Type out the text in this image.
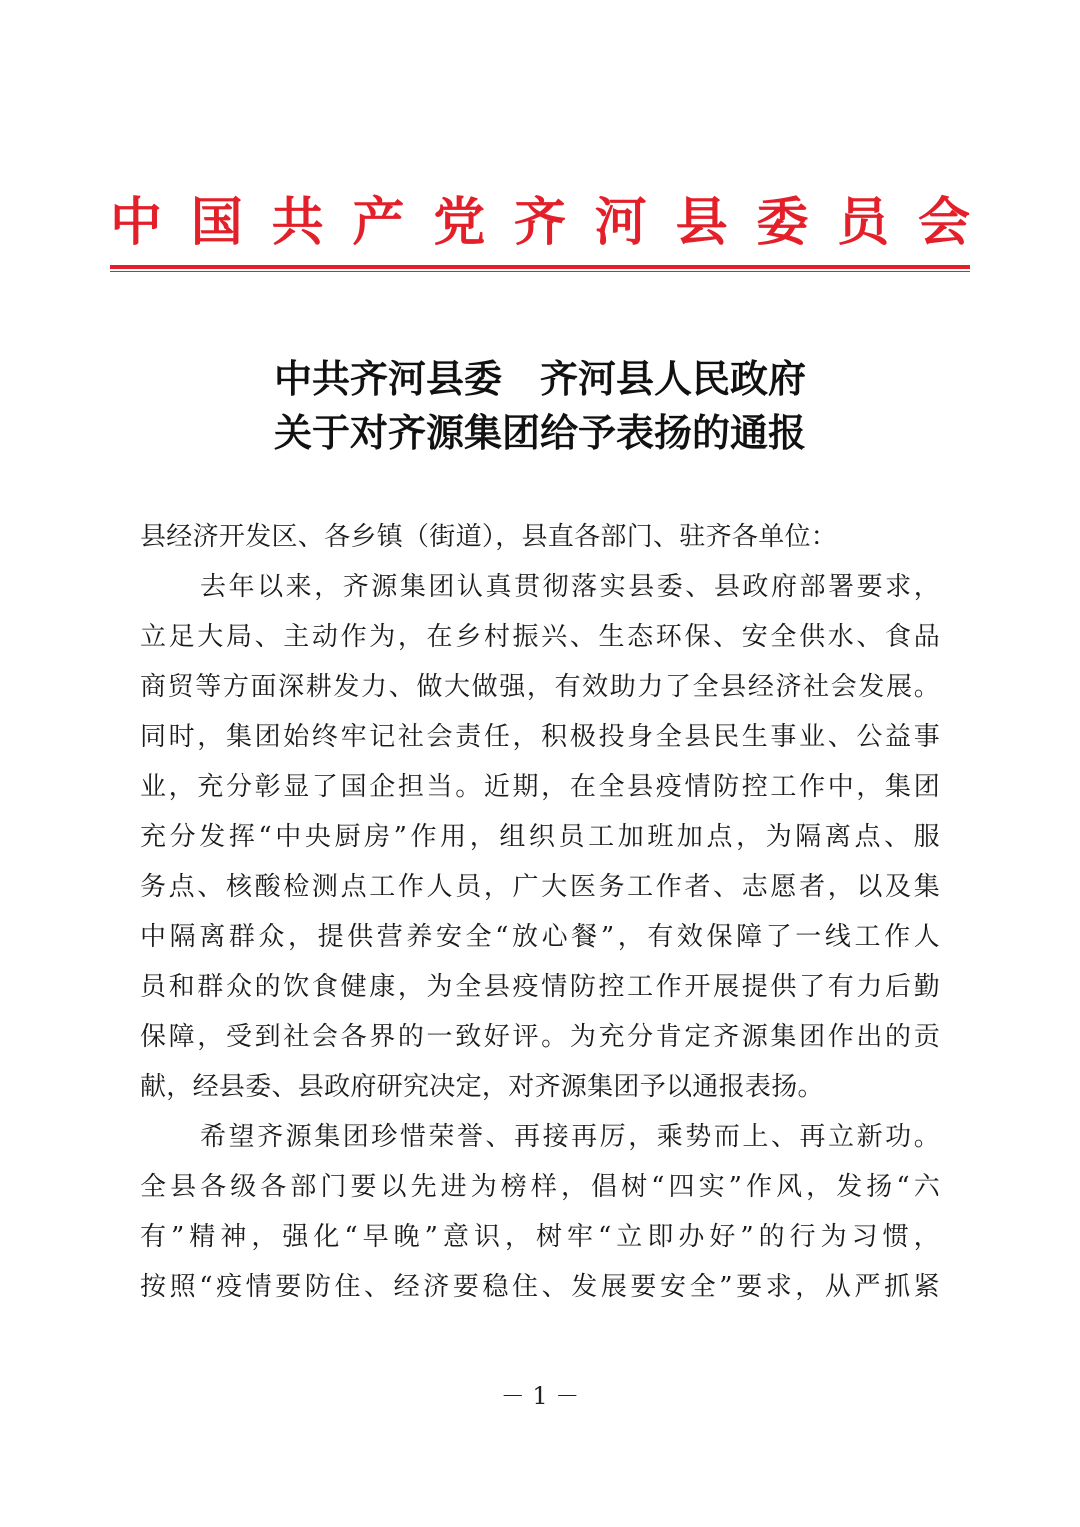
中 国 共 产 党 齐 河 县 委 员 会
中共齐河县委　齐河县人民政府
关于对齐源集团给予表扬的通报
县经济开发区、各乡镇（街道），县直各部门、驻齐各单位：
去年以来，齐源集团认真贯彻落实县委、县政府部署要求，
立足大局、主动作为，在乡村振兴、生态环保、安全供水、食品
商贸等方面深耕发力、做大做强，有效助力了全县经济社会发展。
同时，集团始终牢记社会责任，积极投身全县民生事业、公益事
业，充分彰显了国企担当。近期，在全县疫情防控工作中，集团
充分发挥“中央厨房”作用，组织员工加班加点，为隔离点、服
务点、核酸检测点工作人员，广大医务工作者、志愿者，以及集
中隔离群众，提供营养安全“放心餐”，有效保障了一线工作人
员和群众的饮食健康，为全县疫情防控工作开展提供了有力后勤
保障，受到社会各界的一致好评。为充分肯定齐源集团作出的贡
献，经县委、县政府研究决定，对齐源集团予以通报表扬。
希望齐源集团珍惜荣誉、再接再厉，乘势而上、再立新功。
全县各级各部门要以先进为榜样，倡树“四实”作风，发扬“六
有”精神，强化“早晚”意识，树牢“立即办好”的行为习惯，
按照“疫情要防住、经济要稳住、发展要安全”要求，从严抓紧
－ 1 －
